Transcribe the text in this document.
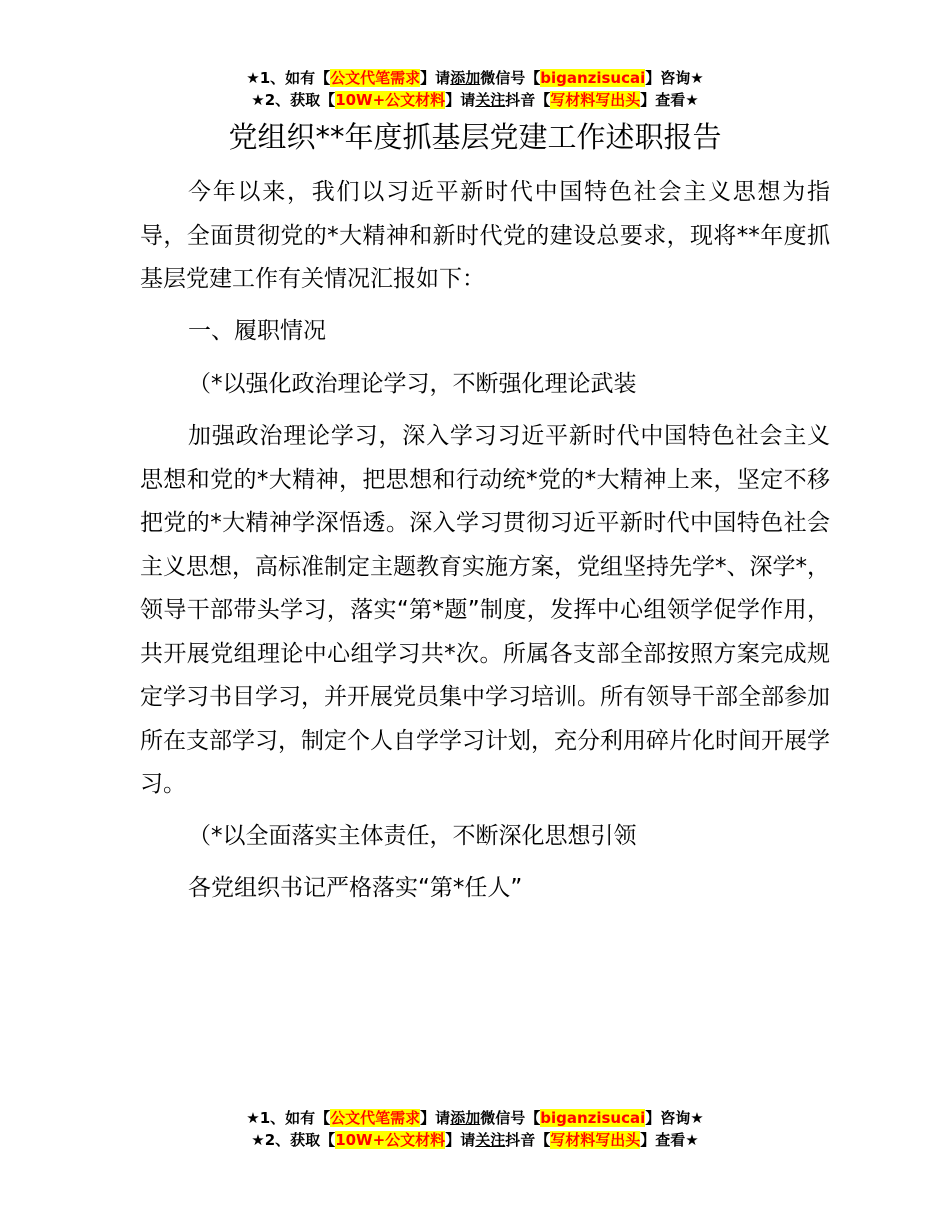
★1、如有【公文代笔需求】请添加微信号【biganzisucai】咨询★
★2、获取【10W+公文材料】请关注抖音【写材料写出头】查看★
党组织**年度抓基层党建工作述职报告

今年以来，我们以习近平新时代中国特色社会主义思想为指导，全面贯彻党的*大精神和新时代党的建设总要求，现将**年度抓基层党建工作有关情况汇报如下：

一、履职情况

（*以强化政治理论学习，不断强化理论武装

加强政治理论学习，深入学习习近平新时代中国特色社会主义思想和党的*大精神，把思想和行动统*党的*大精神上来，坚定不移把党的*大精神学深悟透。深入学习贯彻习近平新时代中国特色社会主义思想，高标准制定主题教育实施方案，党组坚持先学*、深学*，领导干部带头学习，落实“第*题”制度，发挥中心组领学促学作用，共开展党组理论中心组学习共*次。所属各支部全部按照方案完成规定学习书目学习，并开展党员集中学习培训。所有领导干部全部参加所在支部学习，制定个人自学学习计划，充分利用碎片化时间开展学习。

（*以全面落实主体责任，不断深化思想引领

各党组织书记严格落实“第*任人”

★1、如有【公文代笔需求】请添加微信号【biganzisucai】咨询★
★2、获取【10W+公文材料】请关注抖音【写材料写出头】查看★
